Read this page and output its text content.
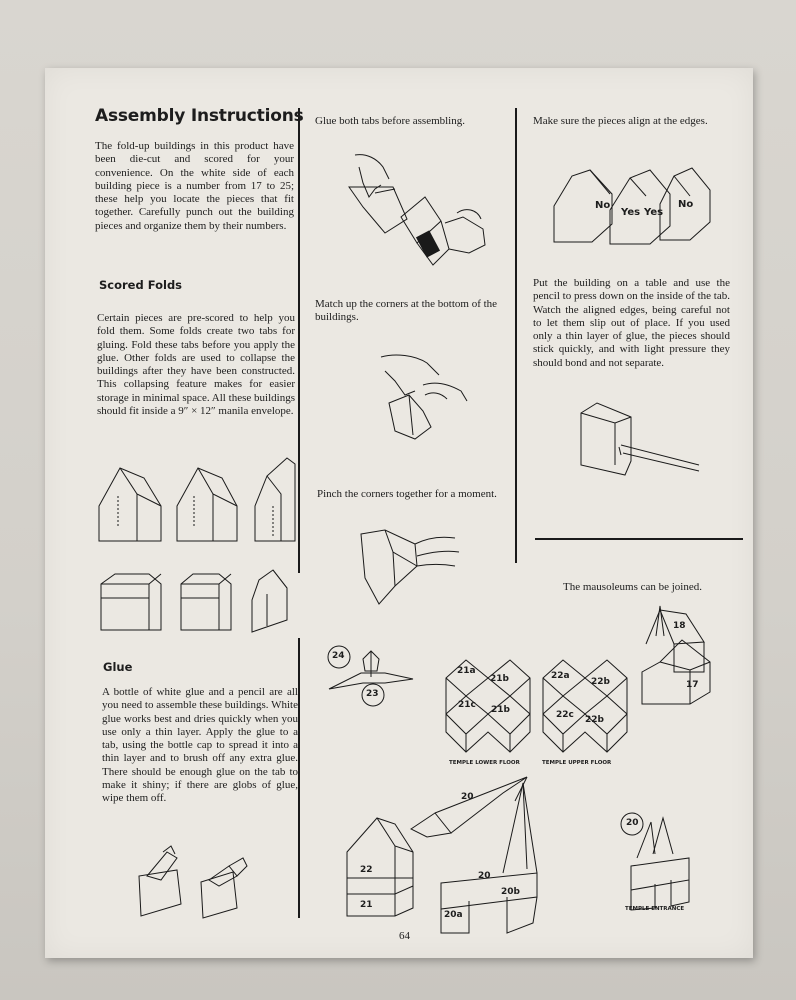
Assembly Instructions
The fold-up buildings in this product have been die-cut and scored for your convenience. On the white side of each building piece is a number from 17 to 25; these help you locate the pieces that fit together. Carefully punch out the building pieces and organize them by their numbers.
Scored Folds
Certain pieces are pre-scored to help you fold them. Some folds create two tabs for gluing. Fold these tabs before you apply the glue. Other folds are used to collapse the buildings after they have been constructed. This collapsing feature makes for easier storage in minimal space. All these buildings should fit inside a 9″ × 12″ manila envelope.
Glue
A bottle of white glue and a pencil are all you need to assemble these buildings. White glue works best and dries quickly when you use only a thin layer. Apply the glue to a tab, using the bottle cap to spread it into a thin layer and to brush off any extra glue. There should be enough glue on the tab to make it shiny; if there are globs of glue, wipe them off.
Glue both tabs before assembling.
Match up the corners at the bottom of the buildings.
Pinch the corners together for a moment.
Make sure the pieces align at the edges.
No
Yes Yes
No
Put the building on a table and use the pencil to press down on the inside of the tab. Watch the aligned edges, being careful not to let them slip out of place. If you used only a thin layer of glue, the pieces should stick quickly, and with light pressure they should bond and not separate.
The mausoleums can be joined.
24
23
21a
21b
21c 21b
TEMPLE LOWER FLOOR
22a
22b
22c 22b
TEMPLE UPPER FLOOR
18
17
22
21
20
20
20b
20a
20
TEMPLE ENTRANCE
64
